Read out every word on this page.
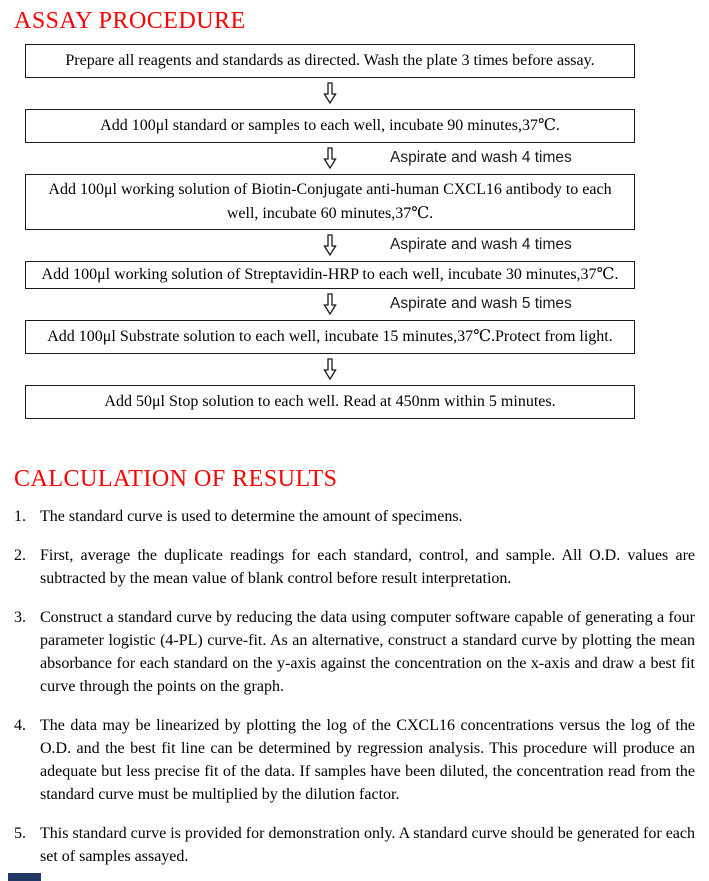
ASSAY PROCEDURE
Prepare all reagents and standards as directed. Wash the plate 3 times before assay.
Add 100μl standard or samples to each well, incubate 90 minutes,37℃.
Aspirate and wash 4 times
Add 100μl working solution of Biotin-Conjugate anti-human CXCL16 antibody to each well, incubate 60 minutes,37℃.
Aspirate and wash 4 times
Add 100μl working solution of Streptavidin-HRP to each well, incubate 30 minutes,37℃.
Aspirate and wash 5 times
Add 100μl Substrate solution to each well, incubate 15 minutes,37℃.Protect from light.
Add 50μl Stop solution to each well. Read at 450nm within 5 minutes.
CALCULATION OF RESULTS
1. The standard curve is used to determine the amount of specimens.
2. First, average the duplicate readings for each standard, control, and sample. All O.D. values are subtracted by the mean value of blank control before result interpretation.
3. Construct a standard curve by reducing the data using computer software capable of generating a four parameter logistic (4-PL) curve-fit. As an alternative, construct a standard curve by plotting the mean absorbance for each standard on the y-axis against the concentration on the x-axis and draw a best fit curve through the points on the graph.
4. The data may be linearized by plotting the log of the CXCL16 concentrations versus the log of the O.D. and the best fit line can be determined by regression analysis. This procedure will produce an adequate but less precise fit of the data. If samples have been diluted, the concentration read from the standard curve must be multiplied by the dilution factor.
5. This standard curve is provided for demonstration only. A standard curve should be generated for each set of samples assayed.
